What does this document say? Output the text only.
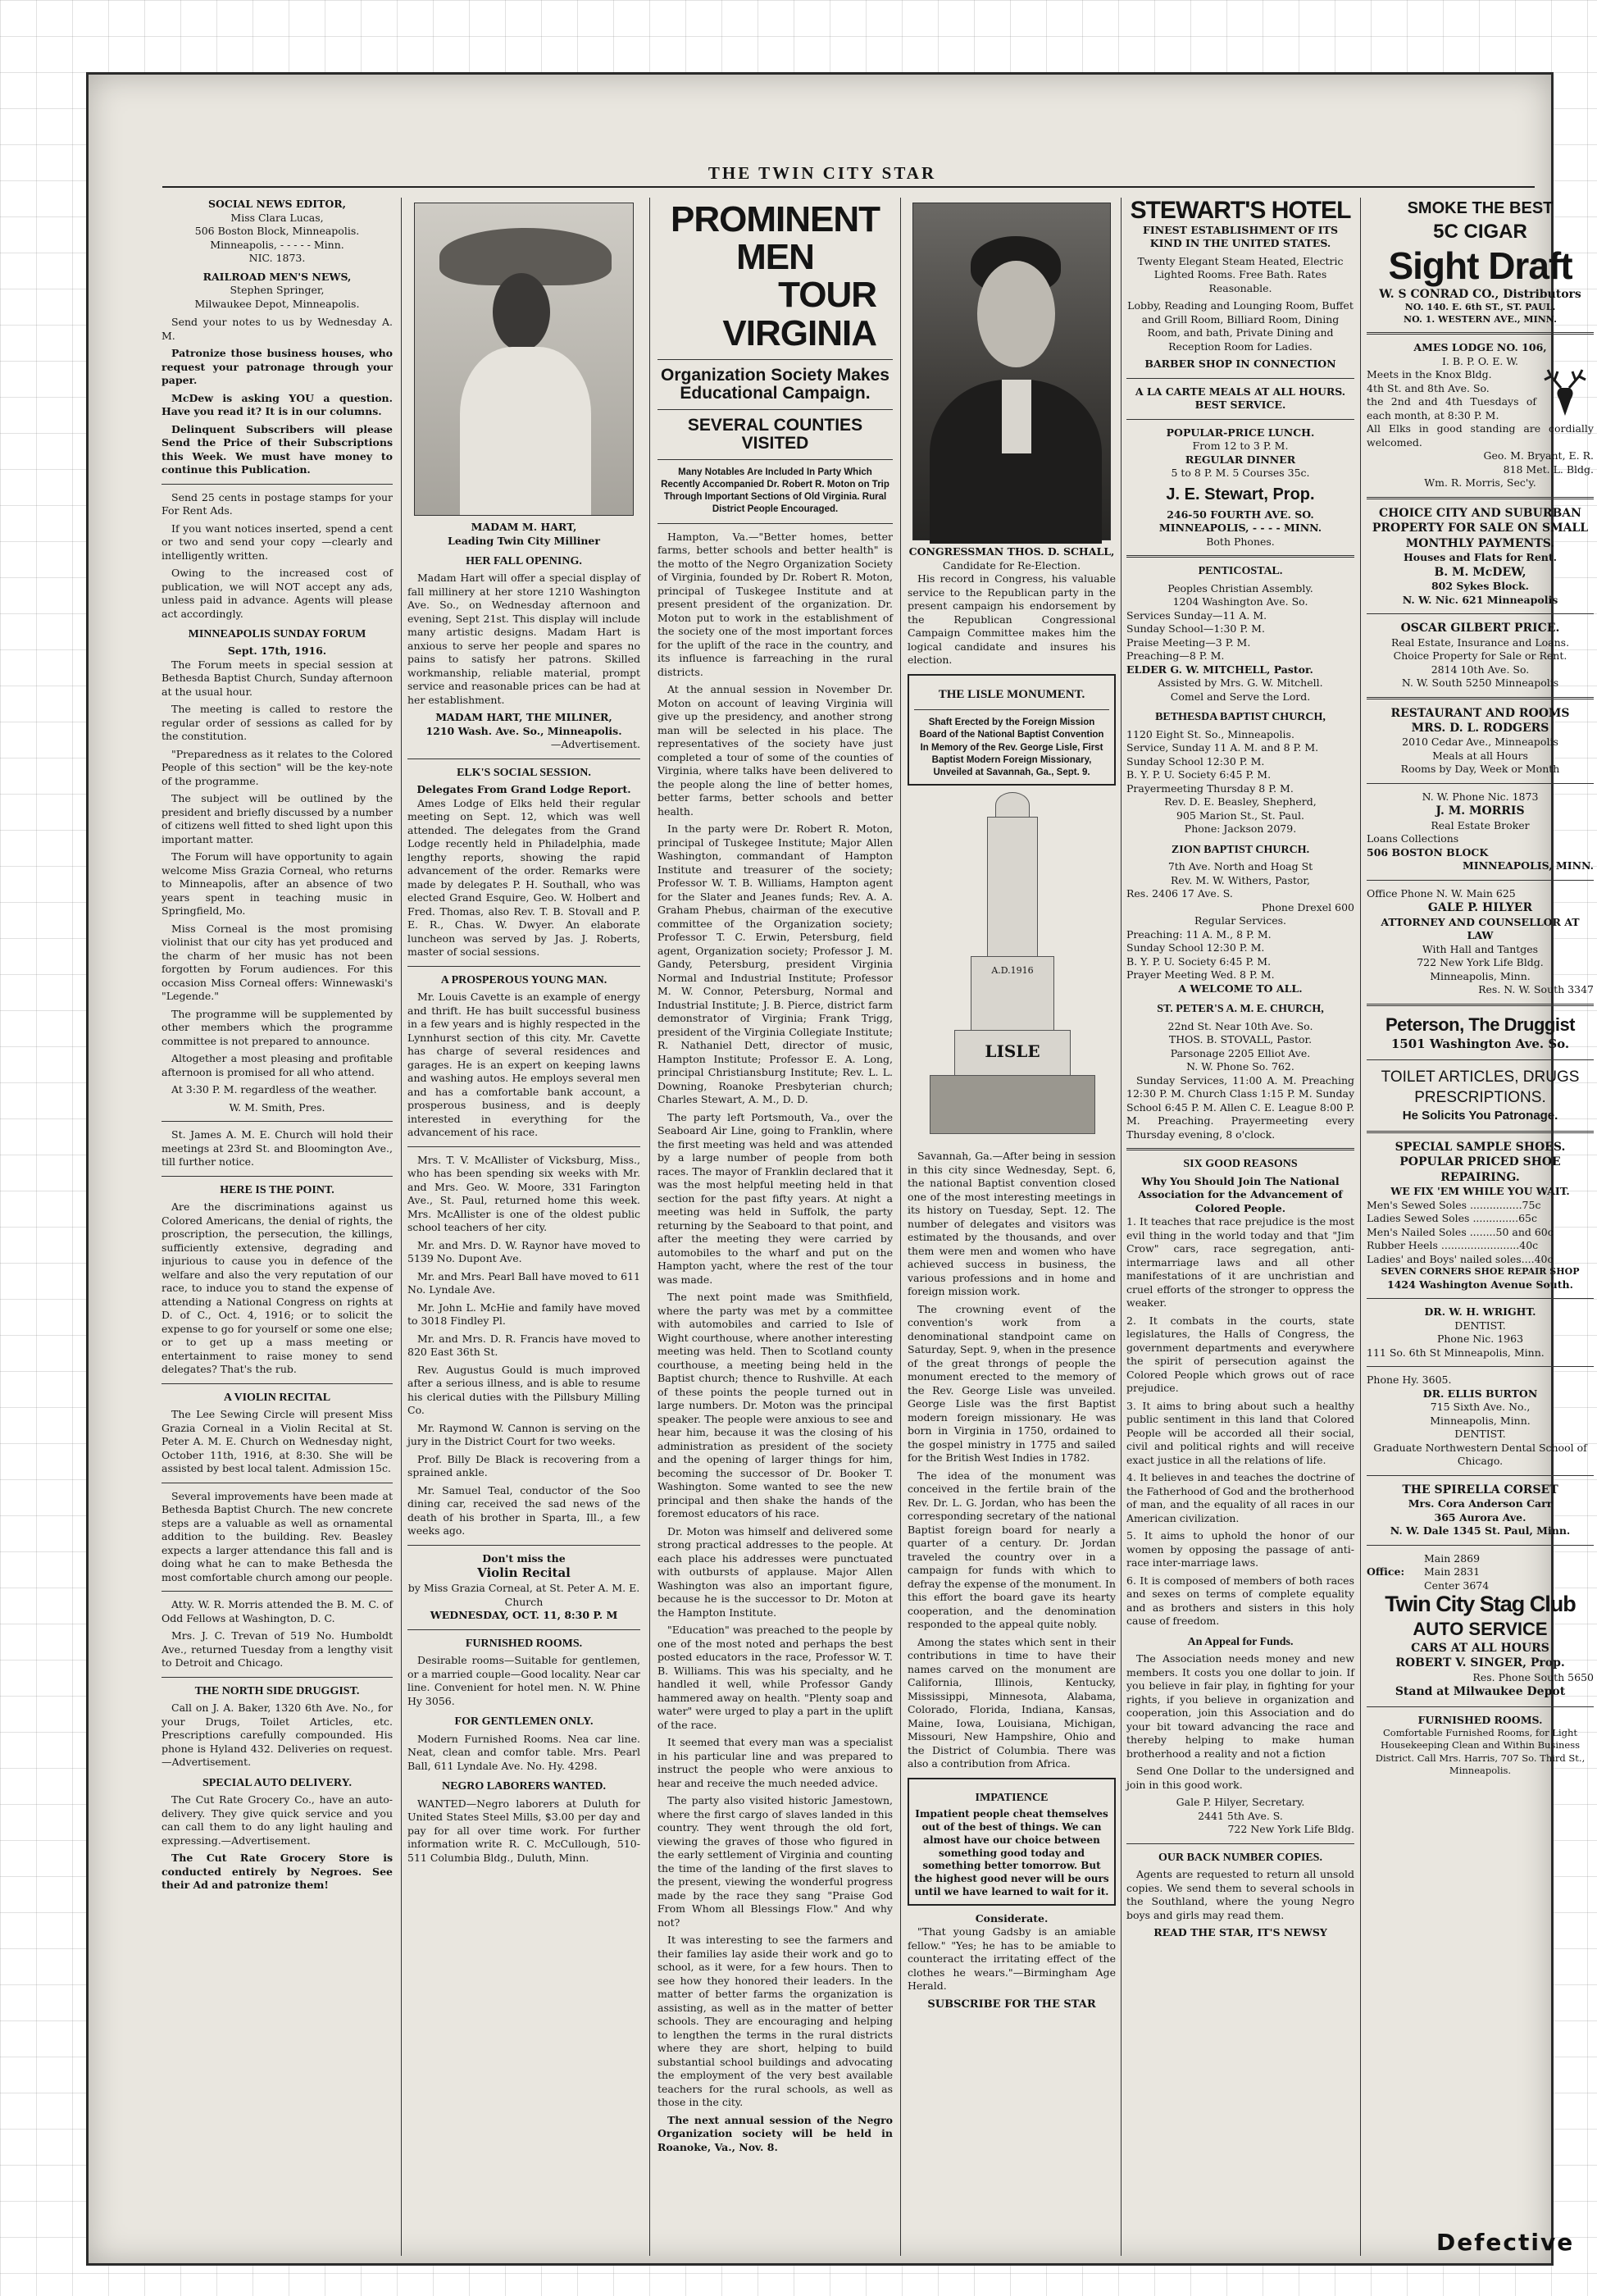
THE TWIN CITY STAR
SOCIAL NEWS EDITOR,
Miss Clara Lucas,
506 Boston Block, Minneapolis.
Minneapolis, - - - - - Minn.
NIC. 1873.
RAILROAD MEN'S NEWS,
Stephen Springer,
Milwaukee Depot, Minneapolis.

Send your notes to us by Wednesday A. M.

Patronize those business houses, who request your patronage through your paper.

McDew is asking YOU a question. Have you read it? It is in our columns.

Delinquent Subscribers will please Send the Price of their Subscriptions this Week. We must have money to continue this Publication.

Send 25 cents in postage stamps for your For Rent Ads.

If you want notices inserted, spend a cent or two and send your copy —clearly and intelligently written.

Owing to the increased cost of publication, we will NOT accept any ads, unless paid in advance. Agents will please act accordingly.

MINNEAPOLIS SUNDAY FORUM
Sept. 17th, 1916.

The Forum meets in special session at Bethesda Baptist Church, Sunday afternoon at the usual hour.

The meeting is called to restore the regular order of sessions as called for by the constitution.

"Preparedness as it relates to the Colored People of this section" will be the key-note of the programme.

The subject will be outlined by the president and briefly discussed by a number of citizens well fitted to shed light upon this important matter.

The Forum will have opportunity to again welcome Miss Grazia Corneal, who returns to Minneapolis, after an absence of two years spent in teaching music in Springfield, Mo.

Miss Corneal is the most promising violinist that our city has yet produced and the charm of her music has not been forgotten by Forum audiences. For this occasion Miss Corneal offers: Winnewaski's "Legende."

The programme will be supplemented by other members which the programme committee is not prepared to announce.

Altogether a most pleasing and profitable afternoon is promised for all who attend.

At 3:30 P. M. regardless of the weather.

W. M. Smith, Pres.

St. James A. M. E. Church will hold their meetings at 23rd St. and Bloomington Ave., till further notice.

HERE IS THE POINT.

Are the discriminations against us Colored Americans, the denial of rights, the proscription, the persecution, the killings, sufficiently extensive, degrading and injurious to cause you in defence of the welfare and also the very reputation of our race, to induce you to stand the expense of attending a National Congress on rights at D. of C., Oct. 4, 1916; or to solicit the expense to go for yourself or some one else; or to get up a mass meeting or entertainment to raise money to send delegates? That's the rub.

A VIOLIN RECITAL

The Lee Sewing Circle will present Miss Grazia Corneal in a Violin Recital at St. Peter A. M. E. Church on Wednesday night, October 11th, 1916, at 8:30. She will be assisted by best local talent. Admission 15c.

Several improvements have been made at Bethesda Baptist Church. The new concrete steps are a valuable as well as ornamental addition to the building. Rev. Beasley expects a larger attendance this fall and is doing what he can to make Bethesda the most comfortable church among our people.

Atty. W. R. Morris attended the B. M. C. of Odd Fellows at Washington, D. C.

Mrs. J. C. Trevan of 519 No. Humboldt Ave., returned Tuesday from a lengthy visit to Detroit and Chicago.

THE NORTH SIDE DRUGGIST.

Call on J. A. Baker, 1320 6th Ave. No., for your Drugs, Toilet Articles, etc. Prescriptions carefully compounded. His phone is Hyland 432. Deliveries on request.—Advertisement.

SPECIAL AUTO DELIVERY.

The Cut Rate Grocery Co., have an auto-delivery. They give quick service and you can call them to do any light hauling and expressing.—Advertisement.

The Cut Rate Grocery Store is conducted entirely by Negroes. See their Ad and patronize them!

MADAM M. HART,
Leading Twin City Milliner
HER FALL OPENING.

Madam Hart will offer a special display of fall millinery at her store 1210 Washington Ave. So., on Wednesday afternoon and evening, Sept 21st. This display will include many artistic designs. Madam Hart is anxious to serve her people and spares no pains to satisfy her patrons. Skilled workmanship, reliable material, prompt service and reasonable prices can be had at her establishment.

MADAM HART, THE MILINER,
1210 Wash. Ave. So., Minneapolis.
—Advertisement.
ELK'S SOCIAL SESSION.
Delegates From Grand Lodge Report.

Ames Lodge of Elks held their regular meeting on Sept. 12, which was well attended. The delegates from the Grand Lodge recently held in Philadelphia, made lengthy reports, showing the rapid advancement of the order. Remarks were made by delegates P. H. Southall, who was elected Grand Esquire, Geo. W. Holbert and Fred. Thomas, also Rev. T. B. Stovall and P. E. R., Chas. W. Dwyer. An elaborate luncheon was served by Jas. J. Roberts, master of social sessions.

A PROSPEROUS YOUNG MAN.

Mr. Louis Cavette is an example of energy and thrift. He has built successful business in a few years and is highly respected in the Lynnhurst section of this city. Mr. Cavette has charge of several residences and garages. He is an expert on keeping lawns and washing autos. He employs several men and has a comfortable bank account, a prosperous business, and is deeply interested in everything for the advancement of his race.

Mrs. T. V. McAllister of Vicksburg, Miss., who has been spending six weeks with Mr. and Mrs. Geo. W. Moore, 331 Farington Ave., St. Paul, returned home this week. Mrs. McAllister is one of the oldest public school teachers of her city.

Mr. and Mrs. D. W. Raynor have moved to 5139 No. Dupont Ave.

Mr. and Mrs. Pearl Ball have moved to 611 No. Lyndale Ave.

Mr. John L. McHie and family have moved to 3018 Findley Pl.

Mr. and Mrs. D. R. Francis have moved to 820 East 36th St.

Rev. Augustus Gould is much improved after a serious illness, and is able to resume his clerical duties with the Pillsbury Milling Co.

Mr. Raymond W. Cannon is serving on the jury in the District Court for two weeks.

Prof. Billy De Black is recovering from a sprained ankle.

Mr. Samuel Teal, conductor of the Soo dining car, received the sad news of the death of his brother in Sparta, Ill., a few weeks ago.

Don't miss the
Violin Recital
by Miss Grazia Corneal, at St. Peter A. M. E. Church
WEDNESDAY, OCT. 11, 8:30 P. M
FURNISHED ROOMS.

Desirable rooms—Suitable for gentlemen, or a married couple—Good locality. Near car line. Convenient for hotel men. N. W. Phine Hy 3056.

FOR GENTLEMEN ONLY.

Modern Furnished Rooms. Nea car line. Neat, clean and comfor table. Mrs. Pearl Ball, 611 Lyndale Ave. No. Hy. 4298.

NEGRO LABORERS WANTED.

WANTED—Negro laborers at Duluth for United States Steel Mills, $3.00 per day and pay for all over time work. For further information write R. C. McCullough, 510-511 Columbia Bldg., Duluth, Minn.

PROMINENT MEN
TOUR VIRGINIA
Organization Society Makes Educational Campaign.
SEVERAL COUNTIES VISITED
Many Notables Are Included In Party Which Recently Accompanied Dr. Robert R. Moton on Trip Through Important Sections of Old Virginia. Rural District People Encouraged.

Hampton, Va.—"Better homes, better farms, better schools and better health" is the motto of the Negro Organization Society of Virginia, founded by Dr. Robert R. Moton, principal of Tuskegee Institute and at present president of the organization. Dr. Moton put to work in the establishment of the society one of the most important forces for the uplift of the race in the country, and its influence is farreaching in the rural districts.

At the annual session in November Dr. Moton on account of leaving Virginia will give up the presidency, and another strong man will be selected in his place. The representatives of the society have just completed a tour of some of the counties of Virginia, where talks have been delivered to the people along the line of better homes, better farms, better schools and better health.

In the party were Dr. Robert R. Moton, principal of Tuskegee Institute; Major Allen Washington, commandant of Hampton Institute and treasurer of the society; Professor W. T. B. Williams, Hampton agent for the Slater and Jeanes funds; Rev. A. A. Graham Phebus, chairman of the executive committee of the Organization society; Professor T. C. Erwin, Petersburg, field agent, Organization society; Professor J. M. Gandy, Petersburg, president Virginia Normal and Industrial Institute; Professor M. W. Connor, Petersburg, Normal and Industrial Institute; J. B. Pierce, district farm demonstrator of Virginia; Frank Trigg, president of the Virginia Collegiate Institute; R. Nathaniel Dett, director of music, Hampton Institute; Professor E. A. Long, principal Christiansburg Institute; Rev. L. L. Downing, Roanoke Presbyterian church; Charles Stewart, A. M., D. D.

The party left Portsmouth, Va., over the Seaboard Air Line, going to Franklin, where the first meeting was held and was attended by a large number of people from both races. The mayor of Franklin declared that it was the most helpful meeting held in that section for the past fifty years. At night a meeting was held in Suffolk, the party returning by the Seaboard to that point, and after the meeting they were carried by automobiles to the wharf and put on the Hampton yacht, where the rest of the tour was made.

The next point made was Smithfield, where the party was met by a committee with automobiles and carried to Isle of Wight courthouse, where another interesting meeting was held. Then to Scotland county courthouse, a meeting being held in the Baptist church; thence to Rushville. At each of these points the people turned out in large numbers. Dr. Moton was the principal speaker. The people were anxious to see and hear him, because it was the closing of his administration as president of the society and the opening of larger things for him, becoming the successor of Dr. Booker T. Washington. Some wanted to see the new principal and then shake the hands of the foremost educators of his race.

Dr. Moton was himself and delivered some strong practical addresses to the people. At each place his addresses were punctuated with outbursts of applause. Major Allen Washington was also an important figure, because he is the successor to Dr. Moton at the Hampton Institute.

"Education" was preached to the people by one of the most noted and perhaps the best posted educators in the race, Professor W. T. B. Williams. This was his specialty, and he handled it well, while Professor Gandy hammered away on health. "Plenty soap and water" were urged to play a part in the uplift of the race.

It seemed that every man was a specialist in his particular line and was prepared to instruct the people who were anxious to hear and receive the much needed advice.

The party also visited historic Jamestown, where the first cargo of slaves landed in this country. They went through the old fort, viewing the graves of those who figured in the early settlement of Virginia and counting the time of the landing of the first slaves to the present, viewing the wonderful progress made by the race they sang "Praise God From Whom all Blessings Flow." And why not?

It was interesting to see the farmers and their families lay aside their work and go to school, as it were, for a few hours. Then to see how they honored their leaders. In the matter of better farms the organization is assisting, as well as in the matter of better schools. They are encouraging and helping to lengthen the terms in the rural districts where they are short, helping to build substantial school buildings and advocating the employment of the very best available teachers for the rural schools, as well as those in the city.

The next annual session of the Negro Organization society will be held in Roanoke, Va., Nov. 8.

CONGRESSMAN THOS. D. SCHALL,
Candidate for Re-Election.

His record in Congress, his valuable service to the Republican party in the present campaign his endorsement by the Republican Congressional Campaign Committee makes him the logical candidate and insures his election.

THE LISLE MONUMENT.
Shaft Erected by the Foreign Mission Board of the National Baptist Convention In Memory of the Rev. George Lisle, First Baptist Modern Foreign Missionary, Unveiled at Savannah, Ga., Sept. 9.
A.D.1916
LISLE

Savannah, Ga.—After being in session in this city since Wednesday, Sept. 6, the national Baptist convention closed one of the most interesting meetings in its history on Tuesday, Sept. 12. The number of delegates and visitors was estimated by the thousands, and over them were men and women who have achieved success in business, the various professions and in home and foreign mission work.

The crowning event of the convention's work from a denominational standpoint came on Saturday, Sept. 9, when in the presence of the great throngs of people the monument erected to the memory of the Rev. George Lisle was unveiled. George Lisle was the first Baptist modern foreign missionary. He was born in Virginia in 1750, ordained to the gospel ministry in 1775 and sailed for the British West Indies in 1782.

The idea of the monument was conceived in the fertile brain of the Rev. Dr. L. G. Jordan, who has been the corresponding secretary of the national Baptist foreign board for nearly a quarter of a century. Dr. Jordan traveled the country over in a campaign for funds with which to defray the expense of the monument. In this effort the board gave its hearty cooperation, and the denomination responded to the appeal quite nobly.

Among the states which sent in their contributions in time to have their names carved on the monument are California, Illinois, Kentucky, Mississippi, Minnesota, Alabama, Colorado, Florida, Indiana, Kansas, Maine, Iowa, Louisiana, Michigan, Missouri, New Hampshire, Ohio and the District of Columbia. There was also a contribution from Africa.

IMPATIENCE
Impatient people cheat themselves out of the best of things. We can almost have our choice between something good today and something better tomorrow. But the highest good never will be ours until we have learned to wait for it.
Considerate.

"That young Gadsby is an amiable fellow." "Yes; he has to be amiable to counteract the irritating effect of the clothes he wears."—Birmingham Age Herald.

SUBSCRIBE FOR THE STAR
STEWART'S HOTEL
FINEST ESTABLISHMENT OF ITS KIND IN THE UNITED STATES.

Twenty Elegant Steam Heated, Electric Lighted Rooms. Free Bath. Rates Reasonable.

Lobby, Reading and Lounging Room, Buffet and Grill Room, Billiard Room, Dining Room, and bath, Private Dining and Reception Room for Ladies.

BARBER SHOP IN CONNECTION
A LA CARTE MEALS AT ALL HOURS. BEST SERVICE.
POPULAR-PRICE LUNCH.
From 12 to 3 P. M.
REGULAR DINNER
5 to 8 P. M. 5 Courses 35c.
J. E. Stewart, Prop.
246-50 FOURTH AVE. SO.
MINNEAPOLIS, - - - - MINN.
Both Phones.
PENTICOSTAL.
Peoples Christian Assembly.
1204 Washington Ave. So.
Services Sunday—11 A. M.
Sunday School—1:30 P. M.
Praise Meeting—3 P. M.
Preaching—8 P. M.
ELDER G. W. MITCHELL, Pastor.
Assisted by Mrs. G. W. Mitchell.
Comel and Serve the Lord.
BETHESDA BAPTIST CHURCH,
1120 Eight St. So., Minneapolis.
Service, Sunday 11 A. M. and 8 P. M.
Sunday School 12:30 P. M.
B. Y. P. U. Society 6:45 P. M.
Prayermeeting Thursday 8 P. M.
Rev. D. E. Beasley, Shepherd,
905 Marion St., St. Paul.
Phone: Jackson 2079.
ZION BAPTIST CHURCH.
7th Ave. North and Hoag St
Rev. M. W. Withers, Pastor,
Res. 2406 17 Ave. S.
Phone Drexel 600
Regular Services.
Preaching: 11 A. M., 8 P. M.
Sunday School 12:30 P. M.
B. Y. P. U. Society 6:45 P. M.
Prayer Meeting Wed. 8 P. M.
A WELCOME TO ALL.
ST. PETER'S A. M. E. CHURCH,
22nd St. Near 10th Ave. So.
THOS. B. STOVALL, Pastor.
Parsonage 2205 Elliot Ave.
N. W. Phone So. 762.

Sunday Services, 11:00 A. M. Preaching 12:30 P. M. Church Class 1:15 P. M. Sunday School 6:45 P. M. Allen C. E. League 8:00 P. M. Preaching. Prayermeeting every Thursday evening, 8 o'clock.

SIX GOOD REASONS
Why You Should Join The National Association for the Advancement of Colored People.

1. It teaches that race prejudice is the most evil thing in the world today and that "Jim Crow" cars, race segregation, anti-intermarriage laws and all other manifestations of it are unchristian and cruel efforts of the stronger to oppress the weaker.

2. It combats in the courts, state legislatures, the Halls of Congress, the government departments and everywhere the spirit of persecution against the Colored People which grows out of race prejudice.

3. It aims to bring about such a healthy public sentiment in this land that Colored People will be accorded all their social, civil and political rights and will receive exact justice in all the relations of life.

4. It believes in and teaches the doctrine of the Fatherhood of God and the brotherhood of man, and the equality of all races in our American civilization.

5. It aims to uphold the honor of our women by opposing the passage of anti-race inter-marriage laws.

6. It is composed of members of both races and sexes on terms of complete equality and as brothers and sisters in this holy cause of freedom.

An Appeal for Funds.

The Association needs money and new members. It costs you one dollar to join. If you believe in fair play, in fighting for your rights, if you believe in organization and cooperation, join this Association and do your bit toward advancing the race and thereby helping to make human brotherhood a reality and not a fiction

Send One Dollar to the undersigned and join in this good work.

Gale P. Hilyer, Secretary.
2441 5th Ave. S.
722 New York Life Bldg.
OUR BACK NUMBER COPIES.

Agents are requested to return all unsold copies. We send them to several schools in the Southland, where the young Negro boys and girls may read them.

READ THE STAR, IT'S NEWSY
SMOKE THE BEST
5C CIGAR
Sight Draft
W. S CONRAD CO., Distributors
NO. 140. E. 6th ST., ST. PAUL.
NO. 1. WESTERN AVE., MINN.
AMES LODGE NO. 106,
I. B. P. O. E. W.
Meets in the Knox Bldg.
4th St. and 8th Ave. So.
the 2nd and 4th Tuesdays of each month, at 8:30 P. M.
All Elks in good standing are cordially welcomed.
Geo. M. Bryant, E. R.
818 Met. L. Bldg.
Wm. R. Morris, Sec'y.
CHOICE CITY AND SUBURBAN PROPERTY FOR SALE ON SMALL MONTHLY PAYMENTS.
Houses and Flats for Rent.
B. M. McDEW,
802 Sykes Block.
N. W. Nic. 621 Minneapolis
OSCAR GILBERT PRICE.
Real Estate, Insurance and Loans.
Choice Property for Sale or Rent.
2814 10th Ave. So.
N. W. South 5250 Minneapolis
RESTAURANT AND ROOMS
MRS. D. L. RODGERS
2010 Cedar Ave., Minneapolis
Meals at all Hours
Rooms by Day, Week or Month
N. W. Phone Nic. 1873
J. M. MORRIS
Real Estate Broker
Loans Collections
506 BOSTON BLOCK
MINNEAPOLIS, MINN.
Office Phone N. W. Main 625
GALE P. HILYER
ATTORNEY AND COUNSELLOR AT LAW
With Hall and Tantges
722 New York Life Bldg.
Minneapolis, Minn.
Res. N. W. South 3347
Peterson, The Druggist
1501 Washington Ave. So.
TOILET ARTICLES, DRUGS
PRESCRIPTIONS.
He Solicits You Patronage.
SPECIAL SAMPLE SHOES.
POPULAR PRICED SHOE REPAIRING.
WE FIX 'EM WHILE YOU WAIT.
Men's Sewed Soles ................75c
Ladies Sewed Soles ..............65c
Men's Nailed Soles ........50 and 60c
Rubber Heels ........................40c
Ladies' and Boys' nailed soles....40c
SEVEN CORNERS SHOE REPAIR SHOP
1424 Washington Avenue South.
DR. W. H. WRIGHT.
DENTIST.
Phone Nic. 1963
111 So. 6th St Minneapolis, Minn.
Phone Hy. 3605.
DR. ELLIS BURTON
715 Sixth Ave. No.,
Minneapolis, Minn.
DENTIST.
Graduate Northwestern Dental School of Chicago.
THE SPIRELLA CORSET
Mrs. Cora Anderson Carr
365 Aurora Ave.
N. W. Dale 1345 St. Paul, Minn.
Office:
Main 2869
Main 2831
Center 3674
Twin City Stag Club
AUTO SERVICE
CARS AT ALL HOURS
ROBERT V. SINGER, Prop.
Res. Phone South 5650
Stand at Milwaukee Depot
FURNISHED ROOMS.
Comfortable Furnished Rooms, for Light Housekeeping Clean and Within Business District. Call Mrs. Harris, 707 So. Third St., Minneapolis.
Defective
